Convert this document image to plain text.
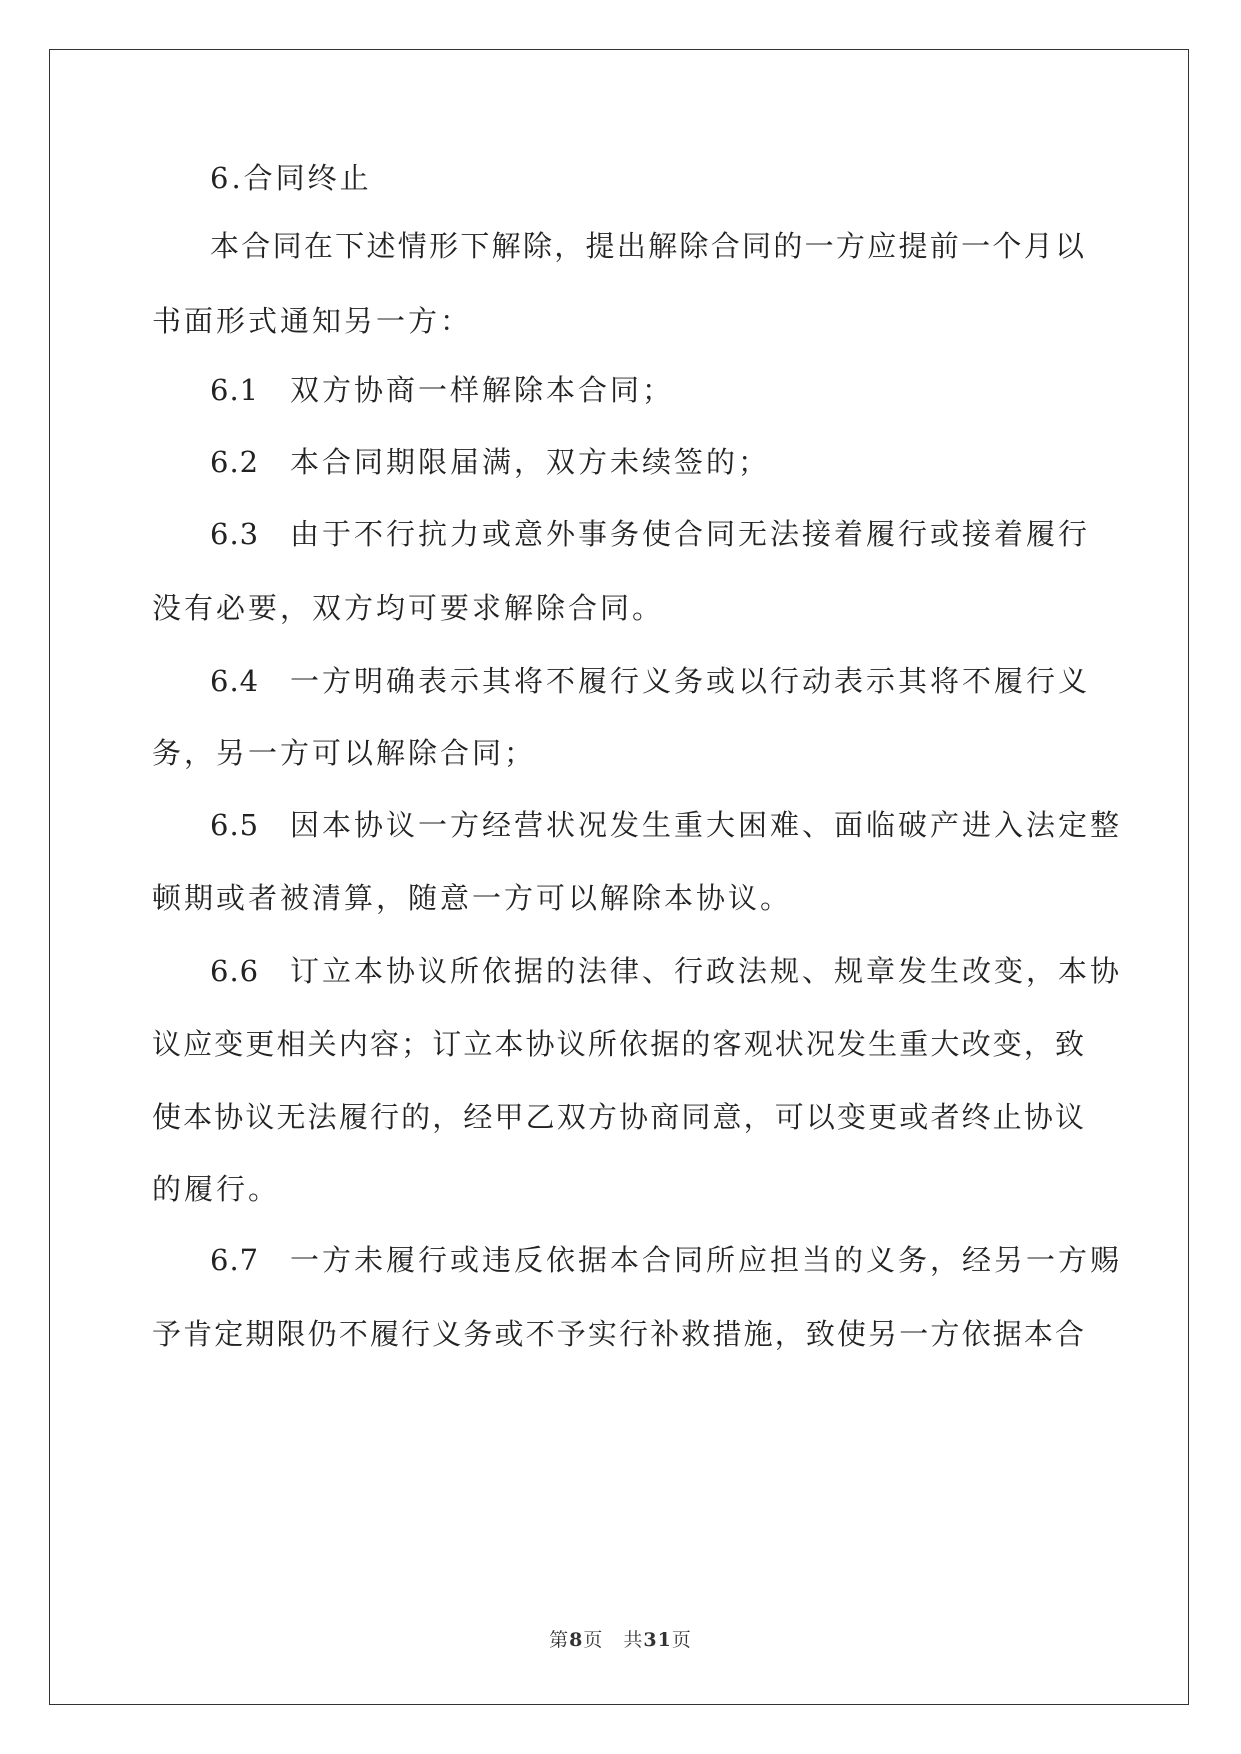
6.合同终止
本合同在下述情形下解除，提出解除合同的一方应提前一个月以
书面形式通知另一方：
6.1 双方协商一样解除本合同；
6.2 本合同期限届满，双方未续签的；
6.3 由于不行抗力或意外事务使合同无法接着履行或接着履行
没有必要，双方均可要求解除合同。
6.4 一方明确表示其将不履行义务或以行动表示其将不履行义
务，另一方可以解除合同；
6.5 因本协议一方经营状况发生重大困难、面临破产进入法定整
顿期或者被清算，随意一方可以解除本协议。
6.6 订立本协议所依据的法律、行政法规、规章发生改变，本协
议应变更相关内容；订立本协议所依据的客观状况发生重大改变，致
使本协议无法履行的，经甲乙双方协商同意，可以变更或者终止协议
的履行。
6.7 一方未履行或违反依据本合同所应担当的义务，经另一方赐
予肯定期限仍不履行义务或不予实行补救措施，致使另一方依据本合
第8页　共31页
